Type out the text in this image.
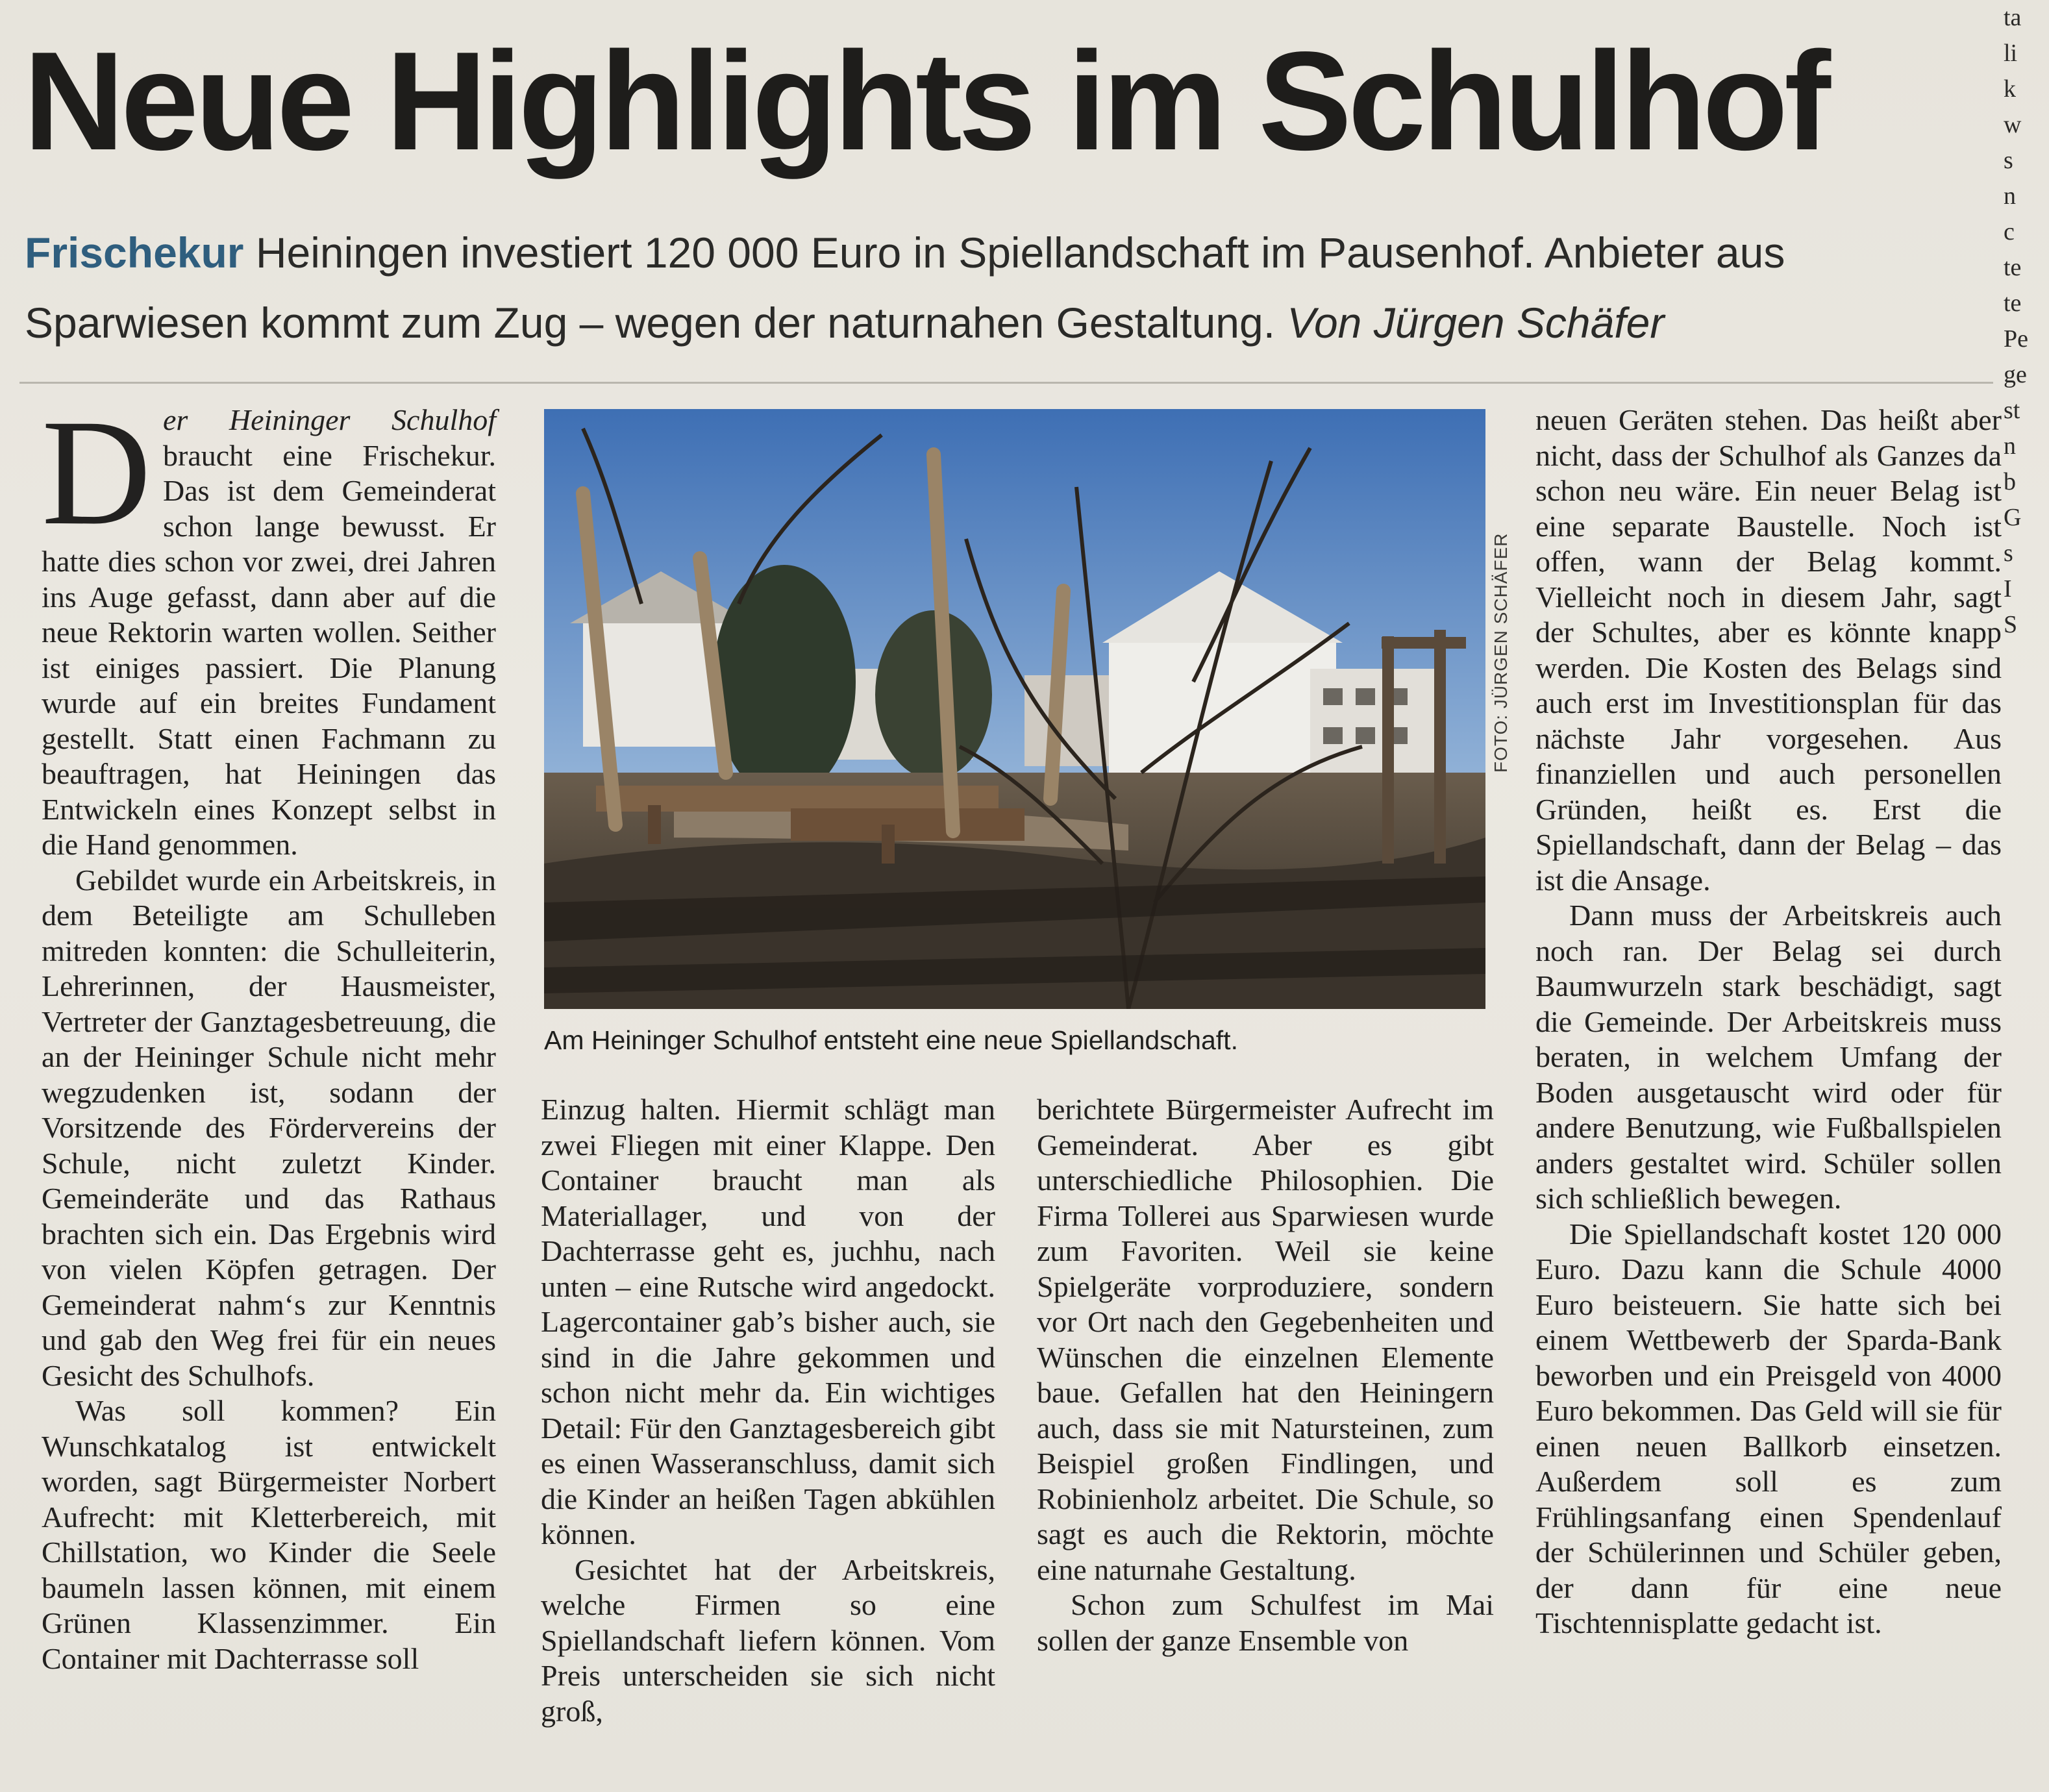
Neue Highlights im Schulhof
Frischekur Heiningen investiert 120 000 Euro in Spiellandschaft im Pausenhof. Anbieter aus Sparwiesen kommt zum Zug – wegen der naturnahen Gestaltung. Von Jürgen Schäfer

D er Heininger Schulhof braucht eine Frischekur. Das ist dem Gemeinderat schon lange bewusst. Er hatte dies schon vor zwei, drei Jahren ins Auge gefasst, dann aber auf die neue Rektorin warten wollen. Seither ist einiges passiert. Die Planung wurde auf ein breites Fundament gestellt. Statt einen Fachmann zu beauftragen, hat Heiningen das Entwickeln eines Konzept selbst in die Hand genommen.

Gebildet wurde ein Arbeitskreis, in dem Beteiligte am Schulleben mitreden konnten: die Schulleiterin, Lehrerinnen, der Hausmeister, Vertreter der Ganztagesbetreuung, die an der Heininger Schule nicht mehr wegzudenken ist, sodann der Vorsitzende des Fördervereins der Schule, nicht zuletzt Kinder. Gemeinderäte und das Rathaus brachten sich ein. Das Ergebnis wird von vielen Köpfen getragen. Der Gemeinderat nahm‘s zur Kenntnis und gab den Weg frei für ein neues Gesicht des Schulhofs.

Was soll kommen? Ein Wunschkatalog ist entwickelt worden, sagt Bürgermeister Norbert Aufrecht: mit Kletterbereich, mit Chillstation, wo Kinder die Seele baumeln lassen können, mit einem Grünen Klassenzimmer. Ein Container mit Dachterrasse soll

FOTO: JÜRGEN SCHÄFER
Am Heininger Schulhof entsteht eine neue Spiellandschaft.

Einzug halten. Hiermit schlägt man zwei Fliegen mit einer Klappe. Den Container braucht man als Materiallager, und von der Dachterrasse geht es, juchhu, nach unten – eine Rutsche wird angedockt. Lagercontainer gab’s bisher auch, sie sind in die Jahre gekommen und schon nicht mehr da. Ein wichtiges Detail: Für den Ganztagesbereich gibt es einen Wasseranschluss, damit sich die Kinder an heißen Tagen abkühlen können.

Gesichtet hat der Arbeitskreis, welche Firmen so eine Spiellandschaft liefern können. Vom Preis unterscheiden sie sich nicht groß,

berichtete Bürgermeister Aufrecht im Gemeinderat. Aber es gibt unterschiedliche Philosophien. Die Firma Tollerei aus Sparwiesen wurde zum Favoriten. Weil sie keine Spielgeräte vorproduziere, sondern vor Ort nach den Gegebenheiten und Wünschen die einzelnen Elemente baue. Gefallen hat den Heiningern auch, dass sie mit Natursteinen, zum Beispiel großen Findlingen, und Robinienholz arbeitet. Die Schule, so sagt es auch die Rektorin, möchte eine naturnahe Gestaltung.

Schon zum Schulfest im Mai sollen der ganze Ensemble von

neuen Geräten stehen. Das heißt aber nicht, dass der Schulhof als Ganzes da schon neu wäre. Ein neuer Belag ist eine separate Baustelle. Noch ist offen, wann der Belag kommt. Vielleicht noch in diesem Jahr, sagt der Schultes, aber es könnte knapp werden. Die Kosten des Belags sind auch erst im Investitionsplan für das nächste Jahr vorgesehen. Aus finanziellen und auch personellen Gründen, heißt es. Erst die Spiellandschaft, dann der Belag – das ist die Ansage.

Dann muss der Arbeitskreis auch noch ran. Der Belag sei durch Baumwurzeln stark beschädigt, sagt die Gemeinde. Der Arbeitskreis muss beraten, in welchem Umfang der Boden ausgetauscht wird oder für andere Benutzung, wie Fußballspielen anders gestaltet wird. Schüler sollen sich schließlich bewegen.

Die Spiellandschaft kostet 120 000 Euro. Dazu kann die Schule 4000 Euro beisteuern. Sie hatte sich bei einem Wettbewerb der Sparda-Bank beworben und ein Preisgeld von 4000 Euro bekommen. Das Geld will sie für einen neuen Ballkorb einsetzen. Außerdem soll es zum Frühlingsanfang einen Spendenlauf der Schülerinnen und Schüler geben, der dann für eine neue Tischtennisplatte gedacht ist.

ta
li
k
w
s
n
c
te
te
Pe
ge
st
n
b
G
s
I
S
